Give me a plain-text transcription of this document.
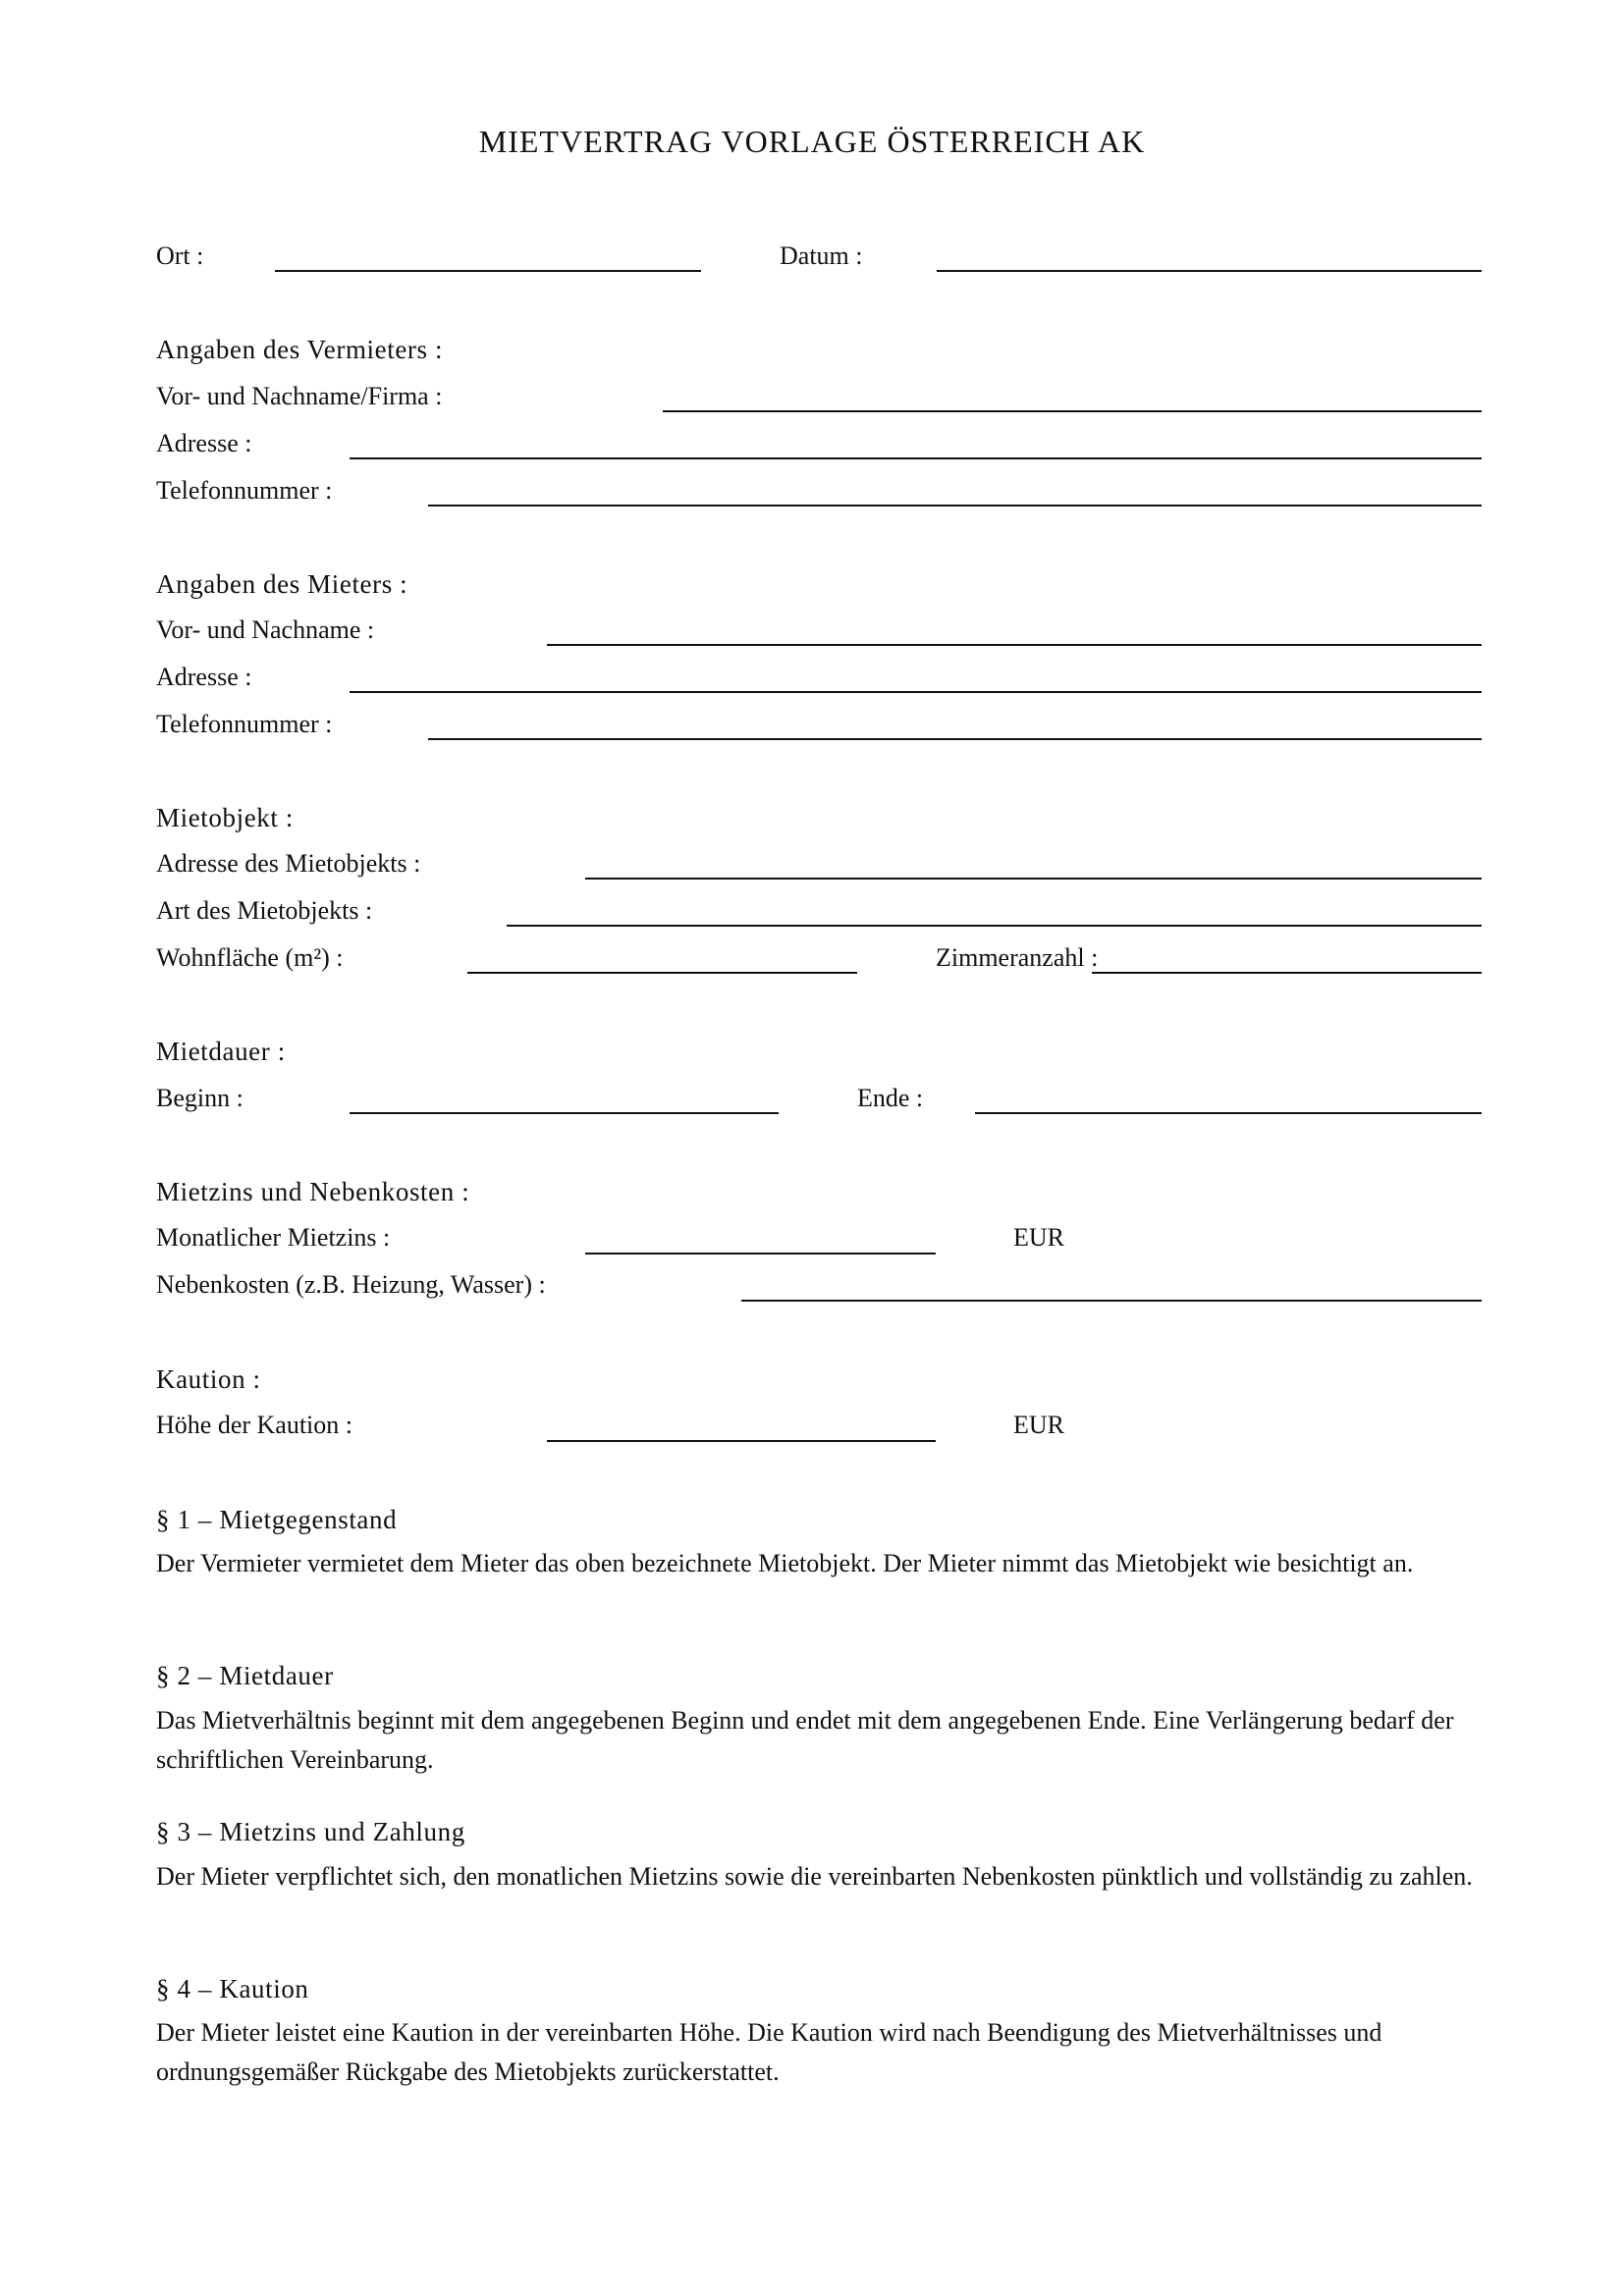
MIETVERTRAG VORLAGE ÖSTERREICH AK
Ort :	Datum :
Angaben des Vermieters :
Vor- und Nachname/Firma :
Adresse :
Telefonnummer :
Angaben des Mieters :
Vor- und Nachname :
Adresse :
Telefonnummer :
Mietobjekt :
Adresse des Mietobjekts :
Art des Mietobjekts :
Wohnfläche (m²) :	Zimmeranzahl :
Mietdauer :
Beginn :	Ende :
Mietzins und Nebenkosten :
Monatlicher Mietzins :	EUR
Nebenkosten (z.B. Heizung, Wasser) :
Kaution :
Höhe der Kaution :	EUR
§ 1 – Mietgegenstand
Der Vermieter vermietet dem Mieter das oben bezeichnete Mietobjekt. Der Mieter nimmt das Mietobjekt wie besichtigt an.
§ 2 – Mietdauer
Das Mietverhältnis beginnt mit dem angegebenen Beginn und endet mit dem angegebenen Ende. Eine Verlängerung bedarf der schriftlichen Vereinbarung.
§ 3 – Mietzins und Zahlung
Der Mieter verpflichtet sich, den monatlichen Mietzins sowie die vereinbarten Nebenkosten pünktlich und vollständig zu zahlen.
§ 4 – Kaution
Der Mieter leistet eine Kaution in der vereinbarten Höhe. Die Kaution wird nach Beendigung des Mietverhältnisses und ordnungsgemäßer Rückgabe des Mietobjekts zurückerstattet.
